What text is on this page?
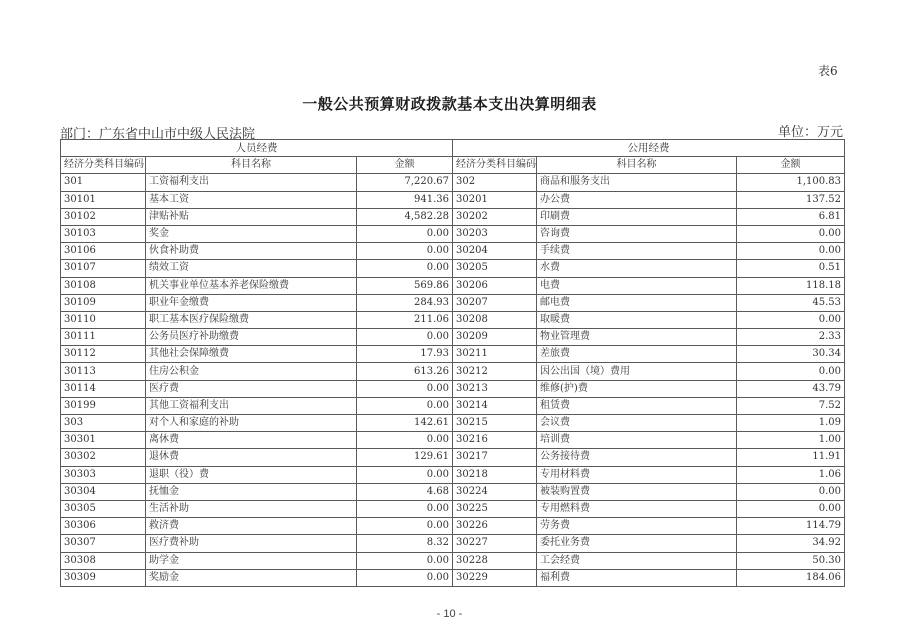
表6
一般公共预算财政拨款基本支出决算明细表
部门：广东省中山市中级人民法院	单位：万元
人员经费			公用经费		
经济分类科目编码	科目名称	金额	经济分类科目编码	科目名称	金额
301	工资福利支出	7,220.67	302	商品和服务支出	1,100.83
30101	基本工资	941.36	30201	办公费	137.52
30102	津贴补贴	4,582.28	30202	印刷费	6.81
30103	奖金	0.00	30203	咨询费	0.00
30106	伙食补助费	0.00	30204	手续费	0.00
30107	绩效工资	0.00	30205	水费	0.51
30108	机关事业单位基本养老保险缴费	569.86	30206	电费	118.18
30109	职业年金缴费	284.93	30207	邮电费	45.53
30110	职工基本医疗保险缴费	211.06	30208	取暖费	0.00
30111	公务员医疗补助缴费	0.00	30209	物业管理费	2.33
30112	其他社会保障缴费	17.93	30211	差旅费	30.34
30113	住房公积金	613.26	30212	因公出国（境）费用	0.00
30114	医疗费	0.00	30213	维修(护)费	43.79
30199	其他工资福利支出	0.00	30214	租赁费	7.52
303	对个人和家庭的补助	142.61	30215	会议费	1.09
30301	离休费	0.00	30216	培训费	1.00
30302	退休费	129.61	30217	公务接待费	11.91
30303	退职（役）费	0.00	30218	专用材料费	1.06
30304	抚恤金	4.68	30224	被装购置费	0.00
30305	生活补助	0.00	30225	专用燃料费	0.00
30306	救济费	0.00	30226	劳务费	114.79
30307	医疗费补助	8.32	30227	委托业务费	34.92
30308	助学金	0.00	30228	工会经费	50.30
30309	奖励金	0.00	30229	福利费	184.06
- 10 -
